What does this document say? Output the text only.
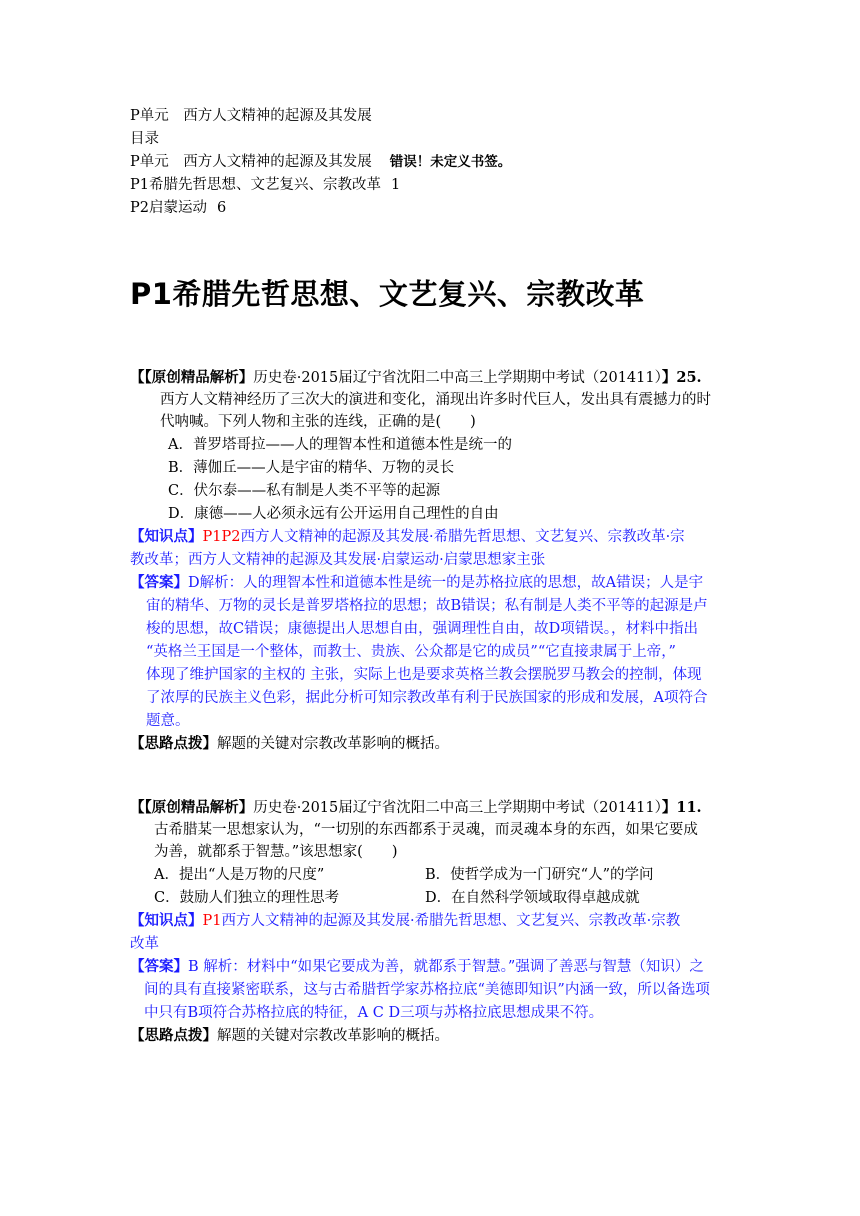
P单元　西方人文精神的起源及其发展
目录
P单元　西方人文精神的起源及其发展 错误！未定义书签。
P1希腊先哲思想、文艺复兴、宗教改革 1
P2启蒙运动 6
P1希腊先哲思想、文艺复兴、宗教改革
【【原创精品解析】历史卷·2015届辽宁省沈阳二中高三上学期期中考试（201411）】25.
西方人文精神经历了三次大的演进和变化，涌现出许多时代巨人，发出具有震撼力的时
代呐喊。下列人物和主张的连线，正确的是(　　)
A．普罗塔哥拉——人的理智本性和道德本性是统一的
B．薄伽丘——人是宇宙的精华、万物的灵长
C．伏尔泰——私有制是人类不平等的起源
D．康德——人必须永远有公开运用自己理性的自由
【知识点】P1P2西方人文精神的起源及其发展·希腊先哲思想、文艺复兴、宗教改革·宗
教改革；西方人文精神的起源及其发展·启蒙运动·启蒙思想家主张
【答案】D解析：人的理智本性和道德本性是统一的是苏格拉底的思想，故A错误；人是宇
宙的精华、万物的灵长是普罗塔格拉的思想；故B错误；私有制是人类不平等的起源是卢
梭的思想，故C错误；康德提出人思想自由，强调理性自由，故D项错误。，材料中指出
“英格兰王国是一个整体，而教士、贵族、公众都是它的成员”“它直接隶属于上帝，”
体现了维护国家的主权的 主张，实际上也是要求英格兰教会摆脱罗马教会的控制，体现
了浓厚的民族主义色彩，据此分析可知宗教改革有利于民族国家的形成和发展，A项符合
题意。
【思路点拨】解题的关键对宗教改革影响的概括。
【【原创精品解析】历史卷·2015届辽宁省沈阳二中高三上学期期中考试（201411）】11.
古希腊某一思想家认为，“一切别的东西都系于灵魂，而灵魂本身的东西，如果它要成
为善，就都系于智慧。”该思想家(　　)
A．提出“人是万物的尺度”	B．使哲学成为一门研究“人”的学问
C．鼓励人们独立的理性思考	D．在自然科学领域取得卓越成就
【知识点】P1西方人文精神的起源及其发展·希腊先哲思想、文艺复兴、宗教改革·宗教
改革
【答案】B 解析：材料中“如果它要成为善，就都系于智慧。”强调了善恶与智慧（知识）之
间的具有直接紧密联系，这与古希腊哲学家苏格拉底“美德即知识”内涵一致，所以备选项
中只有B项符合苏格拉底的特征，A C D三项与苏格拉底思想成果不符。
【思路点拨】解题的关键对宗教改革影响的概括。
